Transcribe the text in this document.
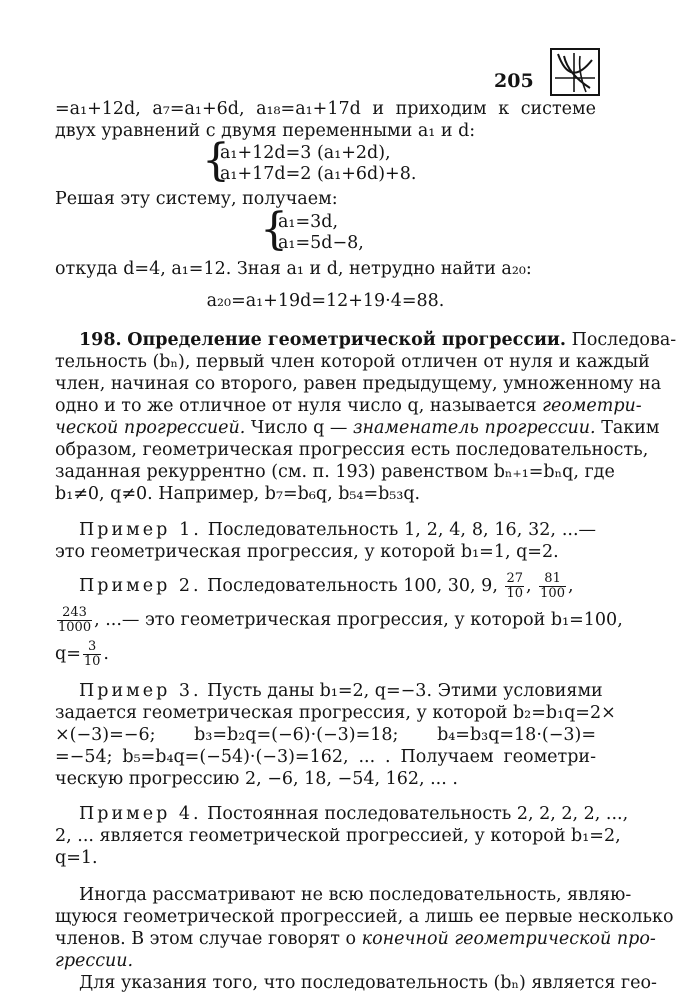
205
=a₁+12d, a₇=a₁+6d, a₁₈=a₁+17d и приходим к системе
двух уравнений с двумя переменными a₁ и d:
{
a₁+12d=3 (a₁+2d),
a₁+17d=2 (a₁+6d)+8.
Решая эту систему, получаем:
{
a₁=3d,
a₁=5d−8,
откуда d=4, a₁=12. Зная a₁ и d, нетрудно найти a₂₀:
a₂₀=a₁+19d=12+19·4=88.
198. Определение геометрической прогрессии. Последова-
тельность (bₙ), первый член которой отличен от нуля и каждый
член, начиная со второго, равен предыдущему, умноженному на
одно и то же отличное от нуля число q, называется геометри-
ческой прогрессией. Число q — знаменатель прогрессии. Таким
образом, геометрическая прогрессия есть последовательность,
заданная рекуррентно (см. п. 193) равенством bₙ₊₁=bₙq, где
b₁≠0, q≠0. Например, b₇=b₆q, b₅₄=b₅₃q.
Пример 1. Последовательность 1, 2, 4, 8, 16, 32, ...—
это геометрическая прогрессия, у которой b₁=1, q=2.
Пример 2. Последовательность 100, 30, 9, $\frac{27}{10}$ , $\frac{81}{100}$ ,
$\frac{243}{1000}$ , ...— это геометрическая прогрессия, у которой b₁=100,
$q= \frac{3}{10}$ .
Пример 3. Пусть даны b₁=2, q=−3. Этими условиями
задается геометрическая прогрессия, у которой b₂=b₁q=2×
×(−3)=−6; b₃=b₂q=(−6)·(−3)=18; b₄=b₃q=18·(−3)=
=−54; b₅=b₄q=(−54)·(−3)=162, ... . Получаем геометри-
ческую прогрессию 2, −6, 18, −54, 162, ... .
Пример 4. Постоянная последовательность 2, 2, 2, 2, ...,
2, ... является геометрической прогрессией, у которой b₁=2,
q=1.
Иногда рассматривают не всю последовательность, являю-
щуюся геометрической прогрессией, а лишь ее первые несколько
членов. В этом случае говорят о конечной геометрической про-
грессии.
Для указания того, что последовательность (bₙ) является гео-
